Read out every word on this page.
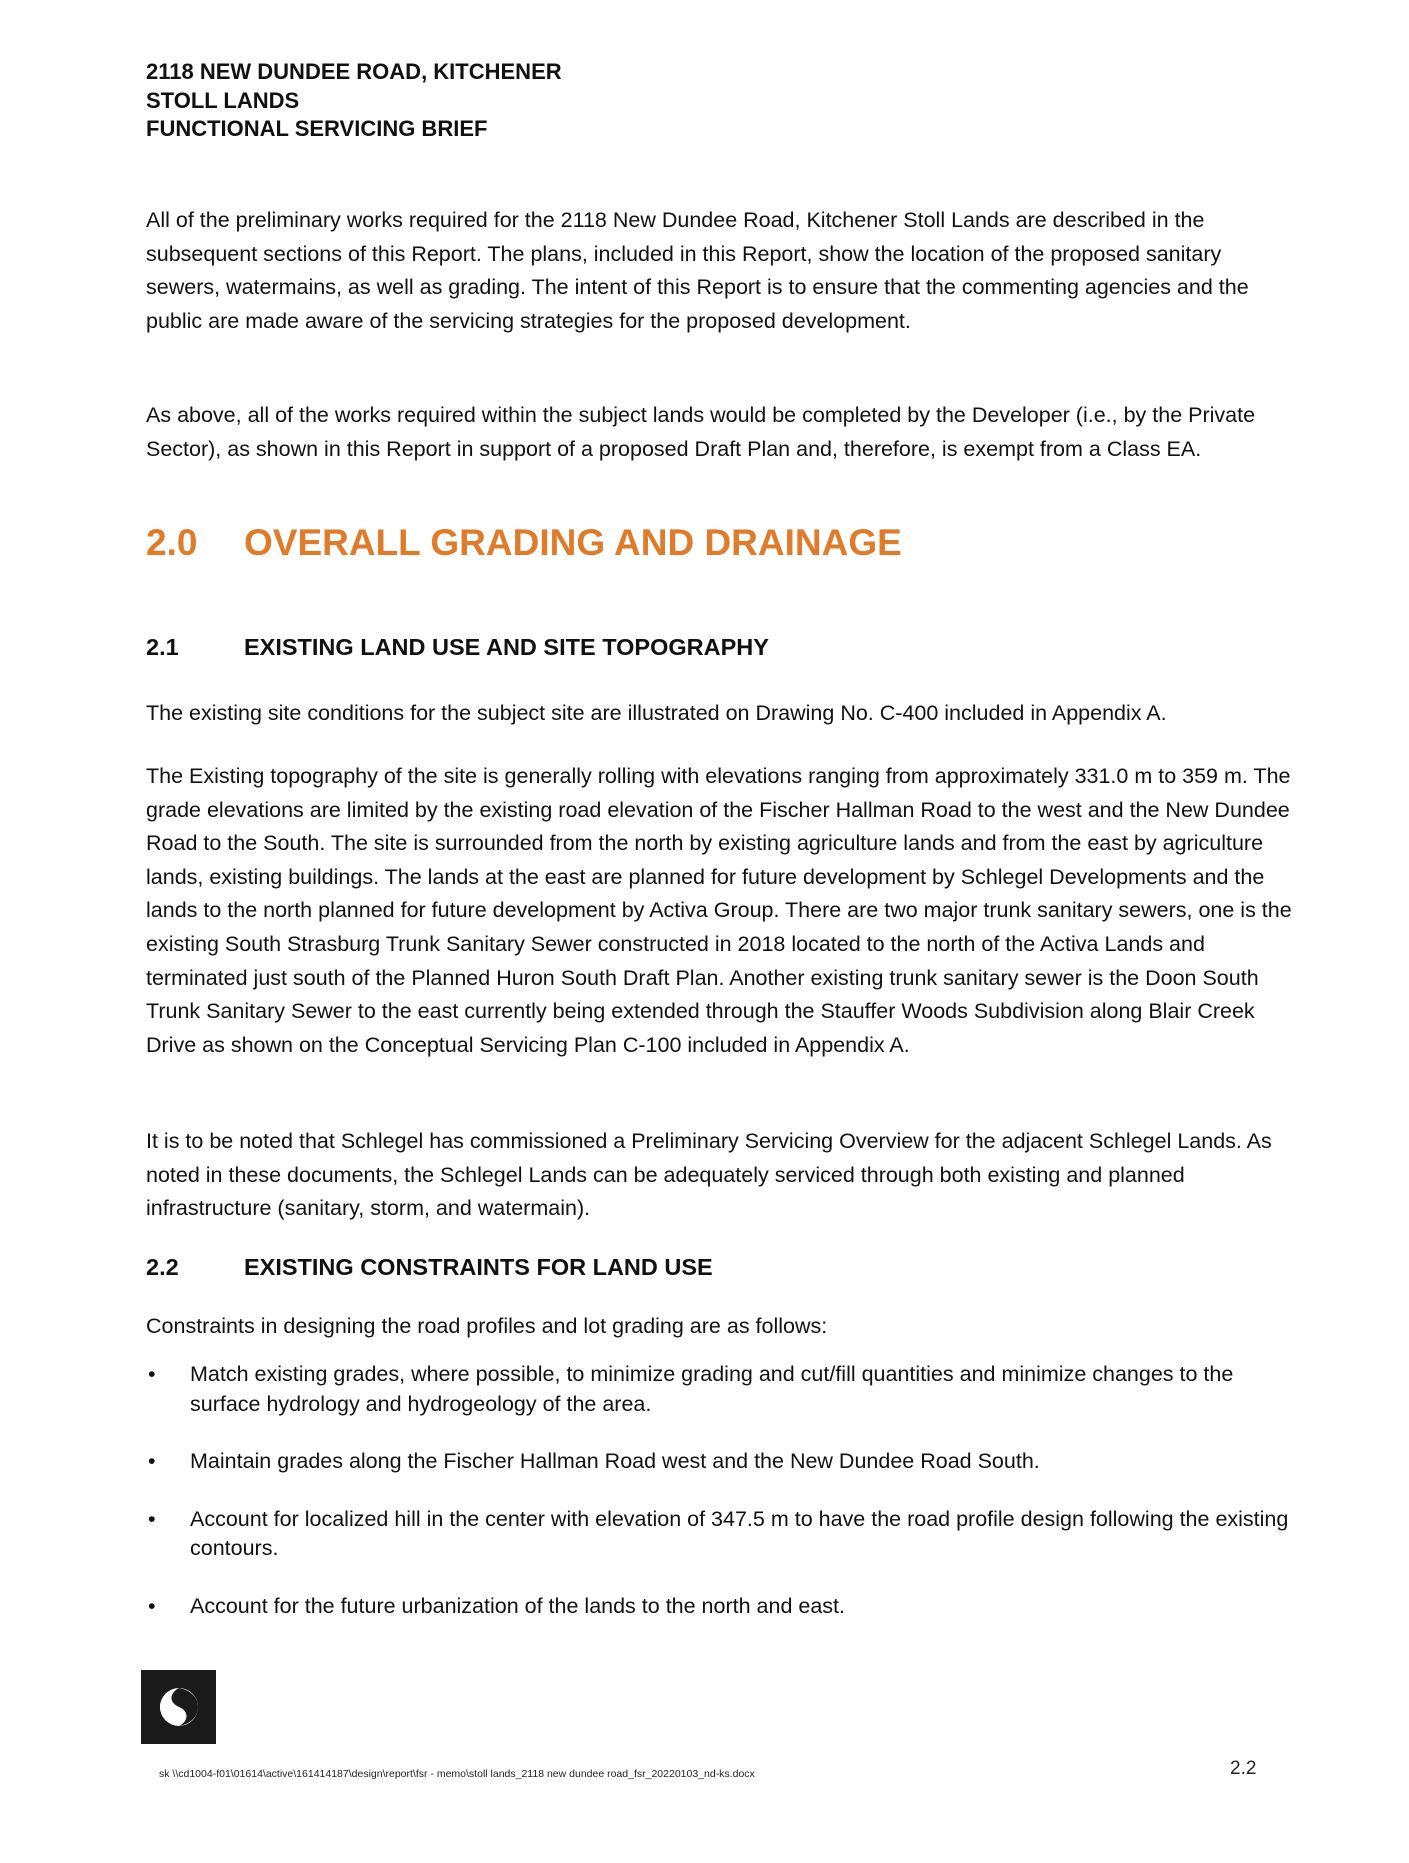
2118 NEW DUNDEE ROAD, KITCHENER
STOLL LANDS
FUNCTIONAL SERVICING BRIEF

All of the preliminary works required for the 2118 New Dundee Road, Kitchener Stoll Lands are described in the subsequent sections of this Report. The plans, included in this Report, show the location of the proposed sanitary sewers, watermains, as well as grading. The intent of this Report is to ensure that the commenting agencies and the public are made aware of the servicing strategies for the proposed development.

As above, all of the works required within the subject lands would be completed by the Developer (i.e., by the Private Sector), as shown in this Report in support of a proposed Draft Plan and, therefore, is exempt from a Class EA.

2.0 OVERALL GRADING AND DRAINAGE
2.1	EXISTING LAND USE AND SITE TOPOGRAPHY

The existing site conditions for the subject site are illustrated on Drawing No. C-400 included in Appendix A.

The Existing topography of the site is generally rolling with elevations ranging from approximately 331.0 m to 359 m. The grade elevations are limited by the existing road elevation of the Fischer Hallman Road to the west and the New Dundee Road to the South. The site is surrounded from the north by existing agriculture lands and from the east by agriculture lands, existing buildings. The lands at the east are planned for future development by Schlegel Developments and the lands to the north planned for future development by Activa Group. There are two major trunk sanitary sewers, one is the existing South Strasburg Trunk Sanitary Sewer constructed in 2018 located to the north of the Activa Lands and terminated just south of the Planned Huron South Draft Plan. Another existing trunk sanitary sewer is the Doon South Trunk Sanitary Sewer to the east currently being extended through the Stauffer Woods Subdivision along Blair Creek Drive as shown on the Conceptual Servicing Plan C-100 included in Appendix A.

It is to be noted that Schlegel has commissioned a Preliminary Servicing Overview for the adjacent Schlegel Lands. As noted in these documents, the Schlegel Lands can be adequately serviced through both existing and planned infrastructure (sanitary, storm, and watermain).

2.2	EXISTING CONSTRAINTS FOR LAND USE

Constraints in designing the road profiles and lot grading are as follows:

• Match existing grades, where possible, to minimize grading and cut/fill quantities and minimize changes to the surface hydrology and hydrogeology of the area.
• Maintain grades along the Fischer Hallman Road west and the New Dundee Road South.
• Account for localized hill in the center with elevation of 347.5 m to have the road profile design following the existing contours.
• Account for the future urbanization of the lands to the north and east.
sk \\cd1004-f01\01614\active\161414187\design\report\fsr - memo\stoll lands_2118 new dundee road_fsr_20220103_nd-ks.docx	2.2
